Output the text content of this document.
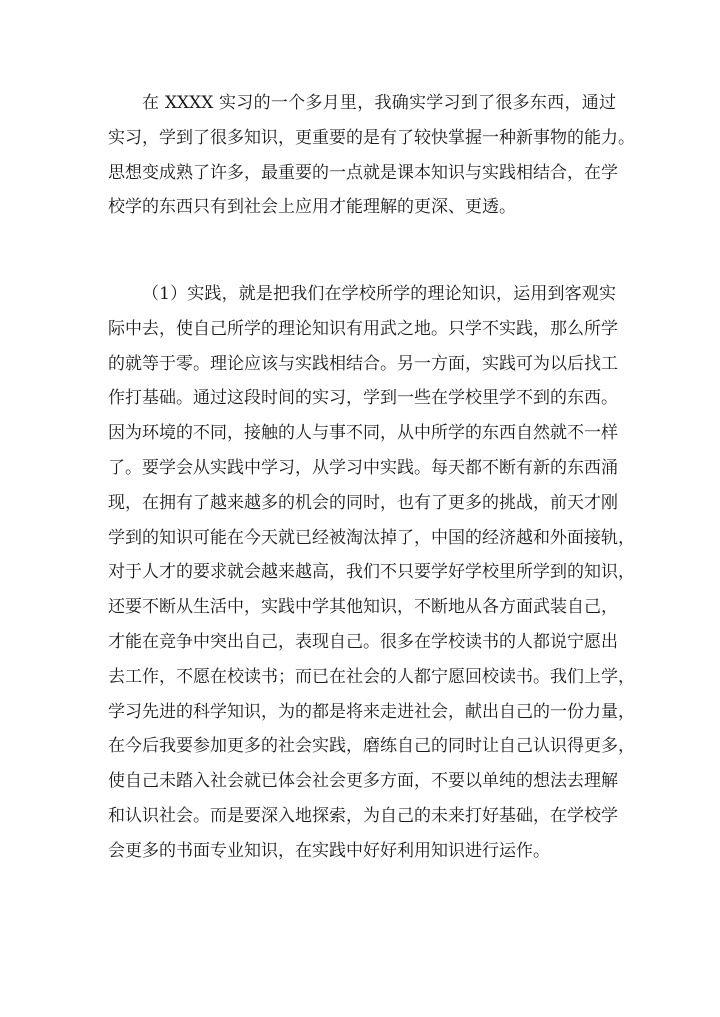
在 XXXX 实习的一个多月里，我确实学习到了很多东西，通过
实习，学到了很多知识，更重要的是有了较快掌握一种新事物的能力。
思想变成熟了许多，最重要的一点就是课本知识与实践相结合，在学
校学的东西只有到社会上应用才能理解的更深、更透。
（1）实践，就是把我们在学校所学的理论知识，运用到客观实
际中去，使自己所学的理论知识有用武之地。只学不实践，那么所学
的就等于零。理论应该与实践相结合。另一方面，实践可为以后找工
作打基础。通过这段时间的实习，学到一些在学校里学不到的东西。
因为环境的不同，接触的人与事不同，从中所学的东西自然就不一样
了。要学会从实践中学习，从学习中实践。每天都不断有新的东西涌
现，在拥有了越来越多的机会的同时，也有了更多的挑战，前天才刚
学到的知识可能在今天就已经被淘汰掉了，中国的经济越和外面接轨，
对于人才的要求就会越来越高，我们不只要学好学校里所学到的知识，
还要不断从生活中，实践中学其他知识，不断地从各方面武装自己，
才能在竞争中突出自己，表现自己。很多在学校读书的人都说宁愿出
去工作，不愿在校读书；而已在社会的人都宁愿回校读书。我们上学，
学习先进的科学知识，为的都是将来走进社会，献出自己的一份力量，
在今后我要参加更多的社会实践，磨练自己的同时让自己认识得更多，
使自己未踏入社会就已体会社会更多方面，不要以单纯的想法去理解
和认识社会。而是要深入地探索，为自己的未来打好基础，在学校学
会更多的书面专业知识，在实践中好好利用知识进行运作。
